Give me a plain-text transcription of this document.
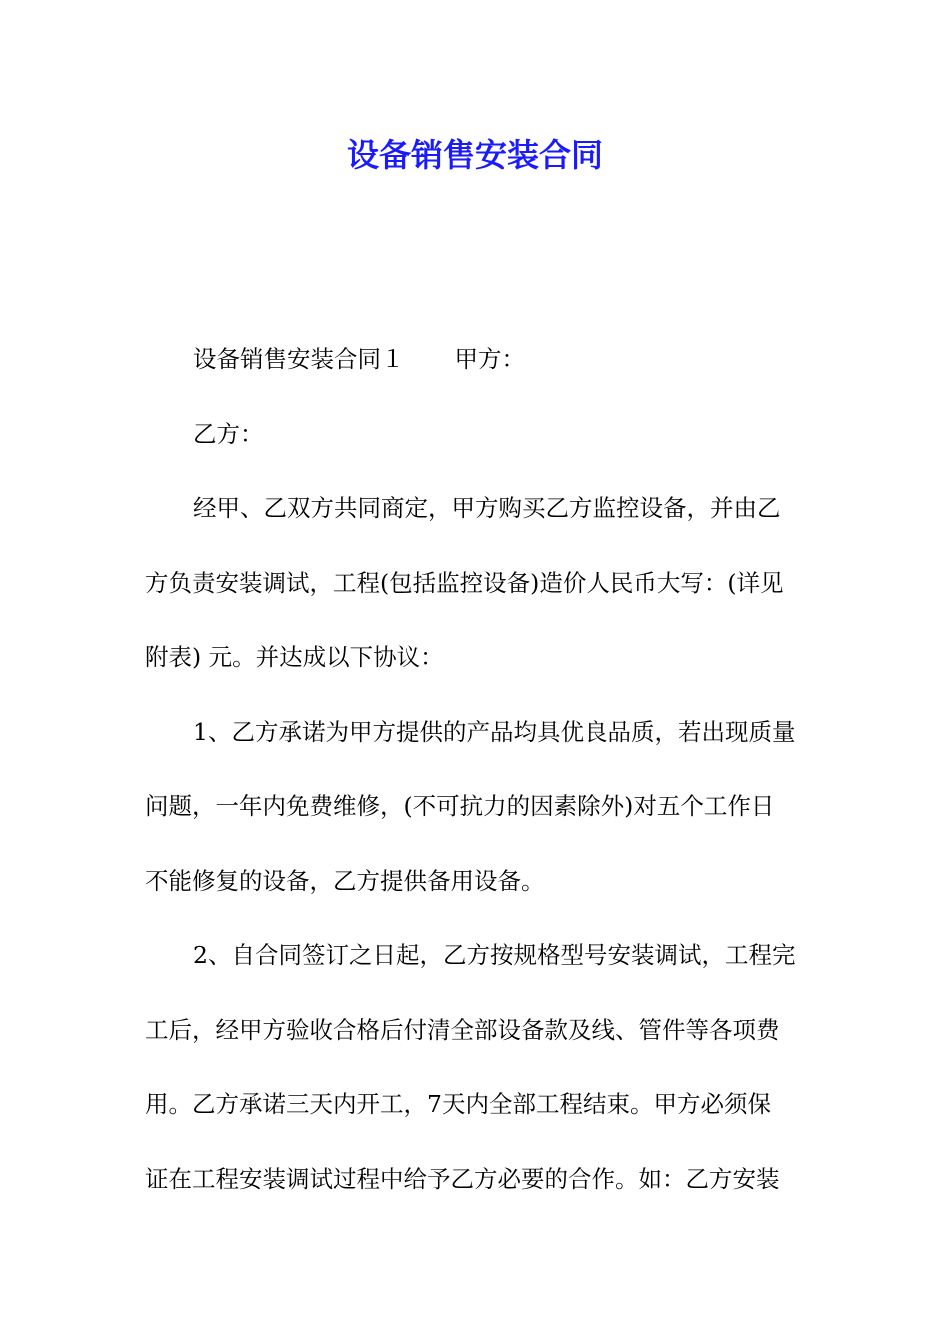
设备销售安装合同
设备销售安装合同１ 甲方：
乙方：
经甲、乙双方共同商定，甲方购买乙方监控设备，并由乙
方负责安装调试，工程(包括监控设备)造价人民币大写：(详见
附表) 元。并达成以下协议：
1、乙方承诺为甲方提供的产品均具优良品质，若出现质量
问题，一年内免费维修，(不可抗力的因素除外)对五个工作日
不能修复的设备，乙方提供备用设备。
2、自合同签订之日起，乙方按规格型号安装调试，工程完
工后，经甲方验收合格后付清全部设备款及线、管件等各项费
用。乙方承诺三天内开工，7天内全部工程结束。甲方必须保
证在工程安装调试过程中给予乙方必要的合作。如：乙方安装
